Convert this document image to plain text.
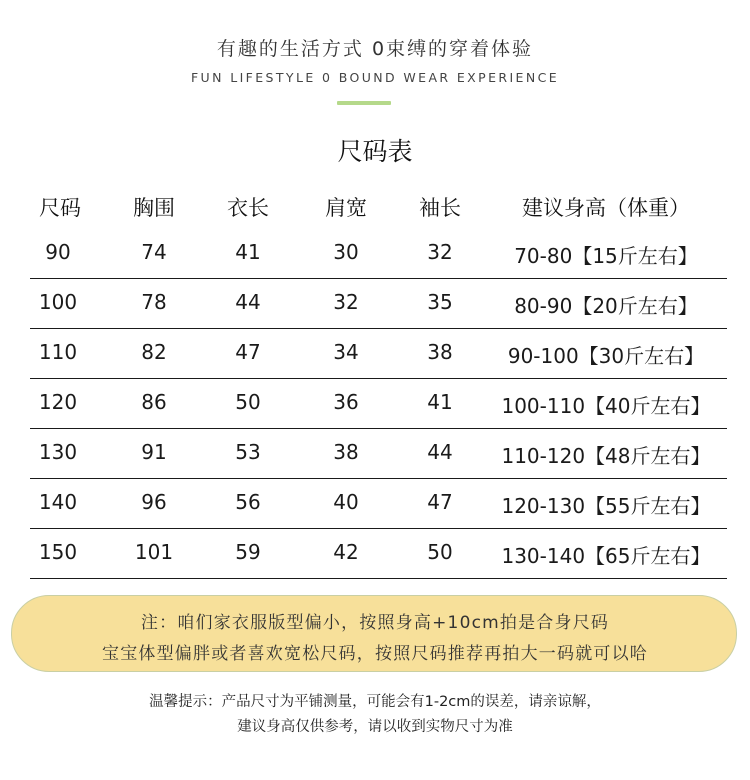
有趣的生活方式 0束缚的穿着体验
FUN LIFESTYLE 0 BOUND WEAR EXPERIENCE
尺码表
尺码	胸围	衣长	肩宽	袖长	建议身高（体重）
90	74	41	30	32	70-80【15斤左右】
100	78	44	32	35	80-90【20斤左右】
110	82	47	34	38	90-100【30斤左右】
120	86	50	36	41	100-110【40斤左右】
130	91	53	38	44	110-120【48斤左右】
140	96	56	40	47	120-130【55斤左右】
150	101	59	42	50	130-140【65斤左右】
注：咱们家衣服版型偏小，按照身高+10cm拍是合身尺码
宝宝体型偏胖或者喜欢宽松尺码，按照尺码推荐再拍大一码就可以哈
温馨提示：产品尺寸为平铺测量，可能会有1-2cm的误差，请亲谅解，
建议身高仅供参考，请以收到实物尺寸为准
